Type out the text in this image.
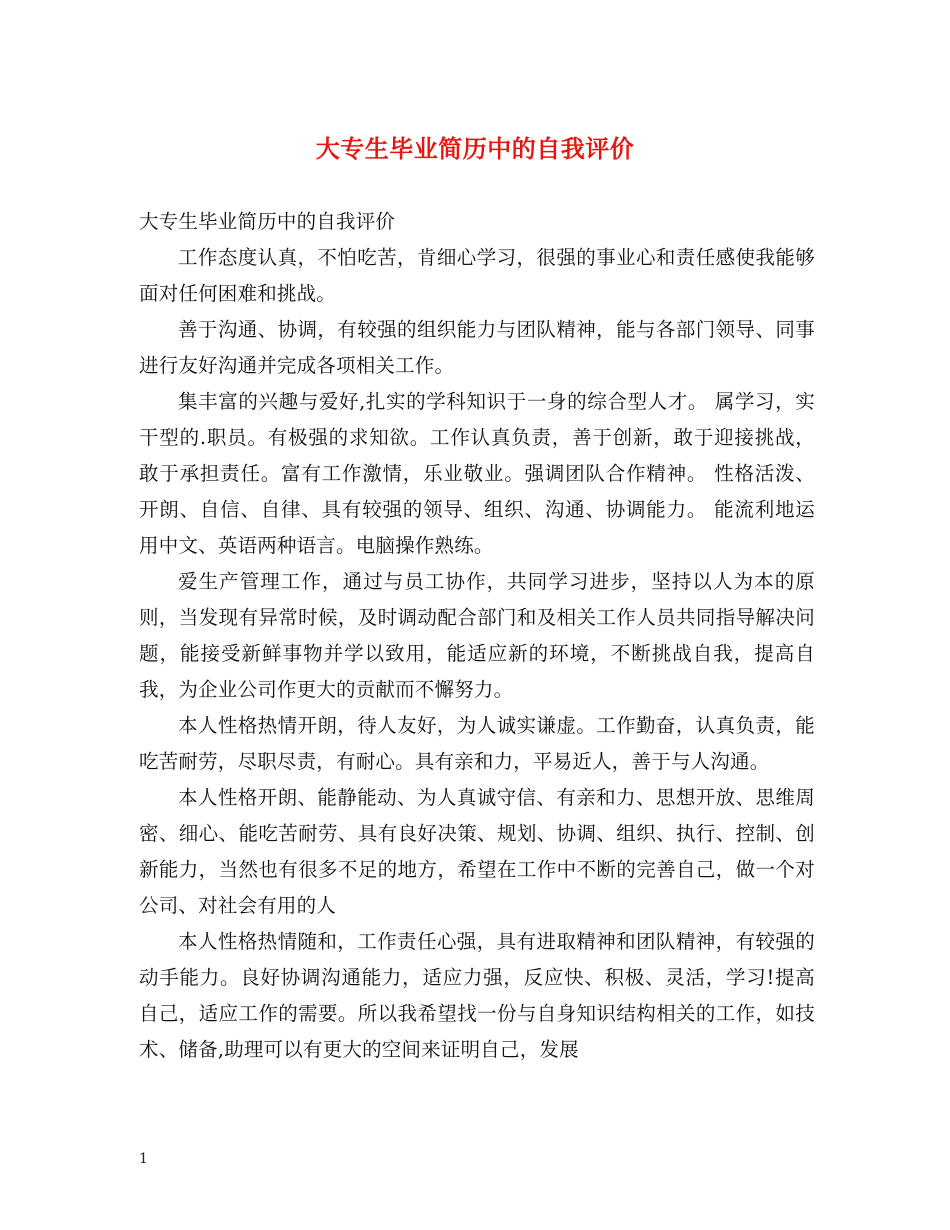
大专生毕业简历中的自我评价

大专生毕业简历中的自我评价

工作态度认真，不怕吃苦，肯细心学习，很强的事业心和责任感使我能够面对任何困难和挑战。

善于沟通、协调，有较强的组织能力与团队精神，能与各部门领导、同事进行友好沟通并完成各项相关工作。

集丰富的兴趣与爱好,扎实的学科知识于一身的综合型人才。 属学习，实干型的.职员。有极强的求知欲。工作认真负责，善于创新，敢于迎接挑战，敢于承担责任。富有工作激情，乐业敬业。强调团队合作精神。 性格活泼、开朗、自信、自律、具有较强的领导、组织、沟通、协调能力。 能流利地运用中文、英语两种语言。电脑操作熟练。

爱生产管理工作，通过与员工协作，共同学习进步，坚持以人为本的原则，当发现有异常时候，及时调动配合部门和及相关工作人员共同指导解决问题，能接受新鲜事物并学以致用，能适应新的环境，不断挑战自我，提高自我，为企业公司作更大的贡献而不懈努力。

本人性格热情开朗，待人友好，为人诚实谦虚。工作勤奋，认真负责，能吃苦耐劳，尽职尽责，有耐心。具有亲和力，平易近人，善于与人沟通。

本人性格开朗、能静能动、为人真诚守信、有亲和力、思想开放、思维周密、细心、能吃苦耐劳、具有良好决策、规划、协调、组织、执行、控制、创新能力，当然也有很多不足的地方，希望在工作中不断的完善自己，做一个对公司、对社会有用的人

本人性格热情随和，工作责任心强，具有进取精神和团队精神，有较强的动手能力。良好协调沟通能力，适应力强，反应快、积极、灵活，学习!提高自己，适应工作的需要。所以我希望找一份与自身知识结构相关的工作，如技术、储备,助理可以有更大的空间来证明自己，发展

1
